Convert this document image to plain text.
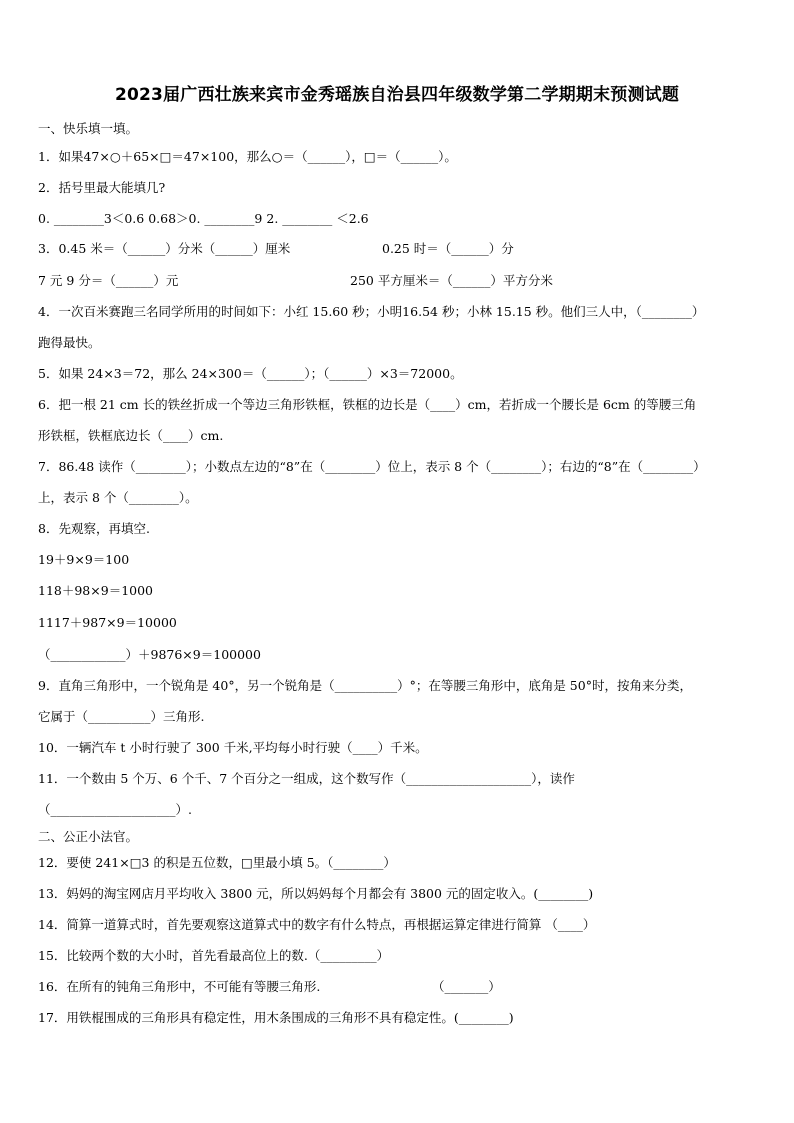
2023届广西壮族来宾市金秀瑶族自治县四年级数学第二学期期末预测试题
一、快乐填一填。
1．如果47×○＋65×□＝47×100，那么○＝（______），□＝（______）。
2．括号里最大能填几?
0. ________3＜0.6 0.68＞0. ________9 2. ________ ＜2.6
3．0.45 米＝（______）分米（______）厘米	0.25 时＝（______）分
7 元 9 分＝（______）元	250 平方厘米＝（______）平方分米
4．一次百米赛跑三名同学所用的时间如下：小红 15.60 秒；小明16.54 秒；小林 15.15 秒。他们三人中，（________）
跑得最快。
5．如果 24×3＝72，那么 24×300＝（______）；（______）×3＝72000。
6．把一根 21 cm 长的铁丝折成一个等边三角形铁框，铁框的边长是（____）cm，若折成一个腰长是 6cm 的等腰三角
形铁框，铁框底边长（____）cm.
7．86.48 读作（________）；小数点左边的“8”在（________）位上，表示 8 个（________）；右边的“8”在（________）
上，表示 8 个（________）。
8．先观察，再填空.
19＋9×9＝100
118＋98×9＝1000
1117＋987×9＝10000
（____________）＋9876×9＝100000
9．直角三角形中，一个锐角是 40°，另一个锐角是（__________）°；在等腰三角形中，底角是 50°时，按角来分类，
它属于（__________）三角形.
10．一辆汽车 t 小时行驶了 300 千米,平均每小时行驶（____）千米。
11．一个数由 5 个万、6 个千、7 个百分之一组成，这个数写作（____________________），读作
（____________________）.
二、公正小法官。
12．要使 241×□3 的积是五位数，□里最小填 5。（________）
13．妈妈的淘宝网店月平均收入 3800 元，所以妈妈每个月都会有 3800 元的固定收入。(________)
14．简算一道算式时，首先要观察这道算式中的数字有什么特点，再根据运算定律进行简算 （____）
15．比较两个数的大小时，首先看最高位上的数.（_________）
16．在所有的钝角三角形中，不可能有等腰三角形.	（_______）
17．用铁棍围成的三角形具有稳定性，用木条围成的三角形不具有稳定性。(________)
